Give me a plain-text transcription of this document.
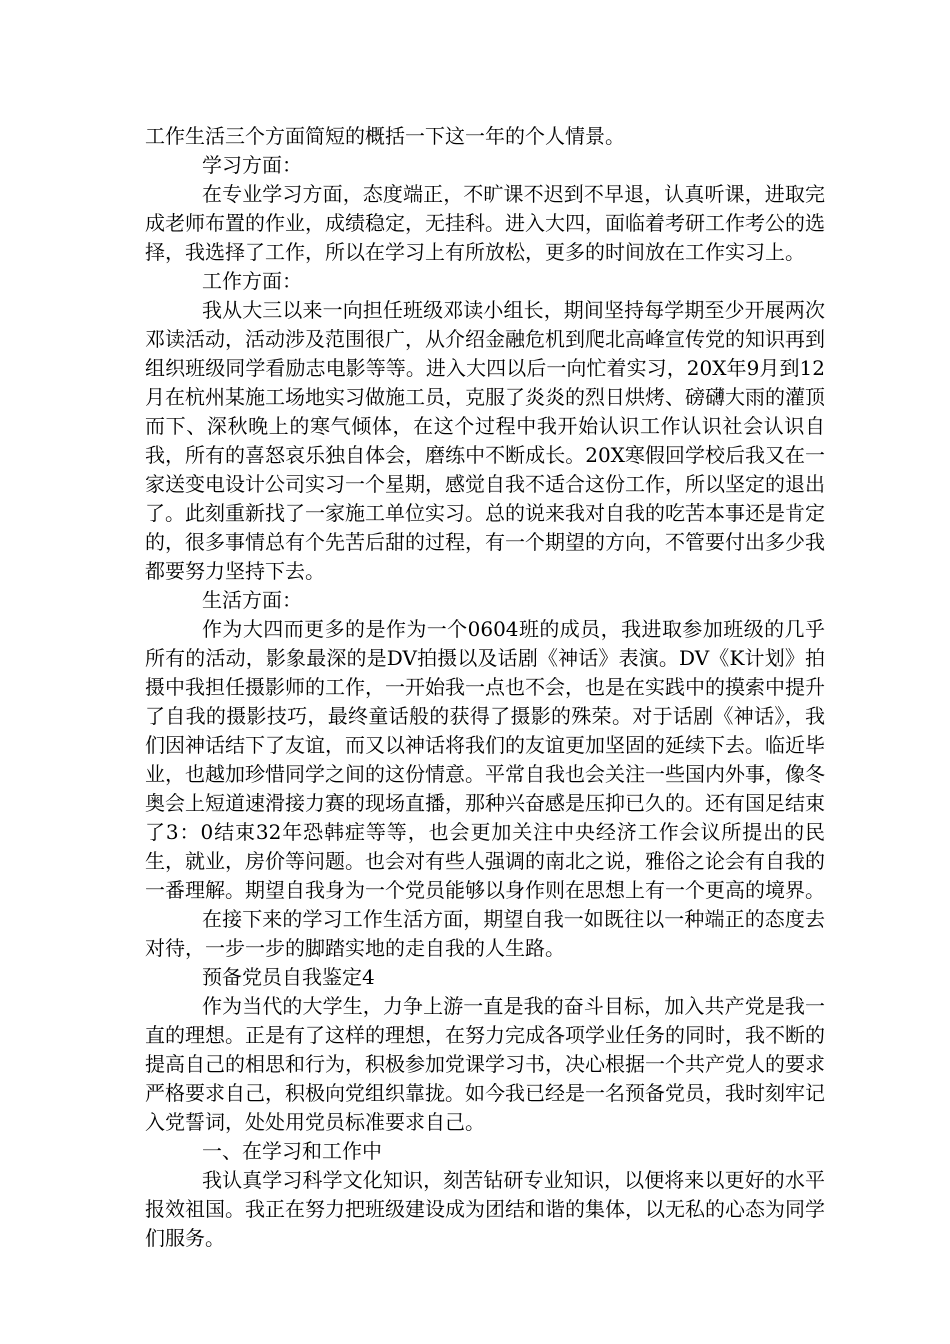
工作生活三个方面简短的概括一下这一年的个人情景。

学习方面：

在专业学习方面，态度端正，不旷课不迟到不早退，认真听课，进取完成老师布置的作业，成绩稳定，无挂科。进入大四，面临着考研工作考公的选择，我选择了工作，所以在学习上有所放松，更多的时间放在工作实习上。

工作方面：

我从大三以来一向担任班级邓读小组长，期间坚持每学期至少开展两次邓读活动，活动涉及范围很广，从介绍金融危机到爬北高峰宣传党的知识再到组织班级同学看励志电影等等。进入大四以后一向忙着实习，20X年9月到12月在杭州某施工场地实习做施工员，克服了炎炎的烈日烘烤、磅礴大雨的灌顶而下、深秋晚上的寒气倾体，在这个过程中我开始认识工作认识社会认识自我，所有的喜怒哀乐独自体会，磨练中不断成长。20X寒假回学校后我又在一家送变电设计公司实习一个星期，感觉自我不适合这份工作，所以坚定的退出了。此刻重新找了一家施工单位实习。总的说来我对自我的吃苦本事还是肯定的，很多事情总有个先苦后甜的过程，有一个期望的方向，不管要付出多少我都要努力坚持下去。

生活方面：

作为大四而更多的是作为一个0604班的成员，我进取参加班级的几乎所有的活动，影象最深的是DV拍摄以及话剧《神话》表演。DV《K计划》拍摄中我担任摄影师的工作，一开始我一点也不会，也是在实践中的摸索中提升了自我的摄影技巧，最终童话般的获得了摄影的殊荣。对于话剧《神话》，我们因神话结下了友谊，而又以神话将我们的友谊更加坚固的延续下去。临近毕业，也越加珍惜同学之间的这份情意。平常自我也会关注一些国内外事，像冬奥会上短道速滑接力赛的现场直播，那种兴奋感是压抑已久的。还有国足结束了3：0结束32年恐韩症等等，也会更加关注中央经济工作会议所提出的民生，就业，房价等问题。也会对有些人强调的南北之说，雅俗之论会有自我的一番理解。期望自我身为一个党员能够以身作则在思想上有一个更高的境界。

在接下来的学习工作生活方面，期望自我一如既往以一种端正的态度去对待，一步一步的脚踏实地的走自我的人生路。

预备党员自我鉴定4

作为当代的大学生，力争上游一直是我的奋斗目标，加入共产党是我一直的理想。正是有了这样的理想，在努力完成各项学业任务的同时，我不断的提高自己的相思和行为，积极参加党课学习书，决心根据一个共产党人的要求严格要求自己，积极向党组织靠拢。如今我已经是一名预备党员，我时刻牢记入党誓词，处处用党员标准要求自己。

一、在学习和工作中

我认真学习科学文化知识，刻苦钻研专业知识，以便将来以更好的水平报效祖国。我正在努力把班级建设成为团结和谐的集体，以无私的心态为同学们服务。
